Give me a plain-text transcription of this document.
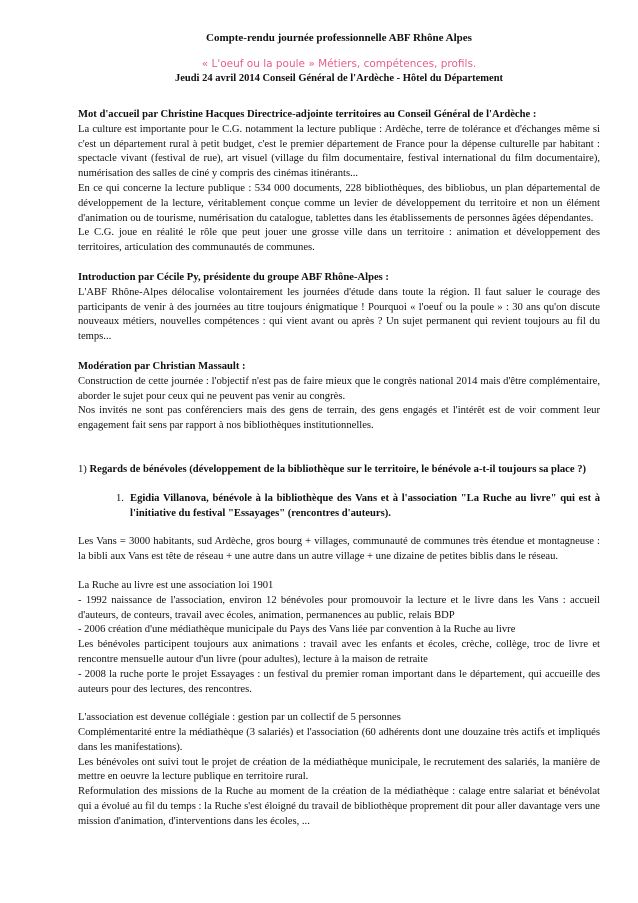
Compte-rendu journée professionnelle ABF Rhône Alpes
« L'oeuf ou la poule » Métiers, compétences, profils.
Jeudi 24 avril 2014 Conseil Général de l'Ardèche - Hôtel du Département

Mot d'accueil par Christine Hacques Directrice-adjointe territoires au Conseil Général de l'Ardèche :

La culture est importante pour le C.G. notamment la lecture publique : Ardèche, terre de tolérance et d'échanges même si c'est un département rural à petit budget, c'est le premier département de France pour la dépense culturelle par habitant : spectacle vivant (festival de rue), art visuel (village du film documentaire, festival international du film documentaire), numérisation des salles de ciné y compris des cinémas itinérants...

En ce qui concerne la lecture publique : 534 000 documents, 228 bibliothèques, des bibliobus, un plan départemental de développement de la lecture, véritablement conçue comme un levier de développement du territoire et non un élément d'animation ou de tourisme, numérisation du catalogue, tablettes dans les établissements de personnes âgées dépendantes.

Le C.G. joue en réalité le rôle que peut jouer une grosse ville dans un territoire : animation et développement des territoires, articulation des communautés de communes.

Introduction par Cécile Py, présidente du groupe ABF Rhône-Alpes :

L'ABF Rhône-Alpes délocalise volontairement les journées d'étude dans toute la région. Il faut saluer le courage des participants de venir à des journées au titre toujours énigmatique ! Pourquoi « l'oeuf ou la poule » : 30 ans qu'on discute nouveaux métiers, nouvelles compétences : qui vient avant ou après ? Un sujet permanent qui revient toujours au fil du temps...

Modération par Christian Massault :

Construction de cette journée : l'objectif n'est pas de faire mieux que le congrès national 2014 mais d'être complémentaire, aborder le sujet pour ceux qui ne peuvent pas venir au congrès.

Nos invités ne sont pas conférenciers mais des gens de terrain, des gens engagés et l'intérêt est de voir comment leur engagement fait sens par rapport à nos bibliothèques institutionnelles.

1) Regards de bénévoles (développement de la bibliothèque sur le territoire, le bénévole a-t-il toujours sa place ?)

1. Egidia Villanova, bénévole à la bibliothèque des Vans et à l'association "La Ruche au livre" qui est à l'initiative du festival "Essayages" (rencontres d'auteurs).

Les Vans = 3000 habitants, sud Ardèche, gros bourg + villages, communauté de communes très étendue et montagneuse : la bibli aux Vans est tête de réseau + une autre dans un autre village + une dizaine de petites biblis dans le réseau.

La Ruche au livre est une association loi 1901

- 1992 naissance de l'association, environ 12 bénévoles pour promouvoir la lecture et le livre dans les Vans : accueil d'auteurs, de conteurs, travail avec écoles, animation, permanences au public, relais BDP

- 2006 création d'une médiathèque municipale du Pays des Vans liée par convention à la Ruche au livre

Les bénévoles participent toujours aux animations : travail avec les enfants et écoles, crèche, collège, troc de livre et rencontre mensuelle autour d'un livre (pour adultes), lecture à la maison de retraite

- 2008 la ruche porte le projet Essayages : un festival du premier roman important dans le département, qui accueille des auteurs pour des lectures, des rencontres.

L'association est devenue collégiale : gestion par un collectif de 5 personnes

Complémentarité entre la médiathèque (3 salariés) et l'association (60 adhérents dont une douzaine très actifs et impliqués dans les manifestations).

Les bénévoles ont suivi tout le projet de création de la médiathèque municipale, le recrutement des salariés, la manière de mettre en oeuvre la lecture publique en territoire rural.

Reformulation des missions de la Ruche au moment de la création de la médiathèque : calage entre salariat et bénévolat qui a évolué au fil du temps : la Ruche s'est éloigné du travail de bibliothèque proprement dit pour aller davantage vers une mission d'animation, d'interventions dans les écoles, ...
